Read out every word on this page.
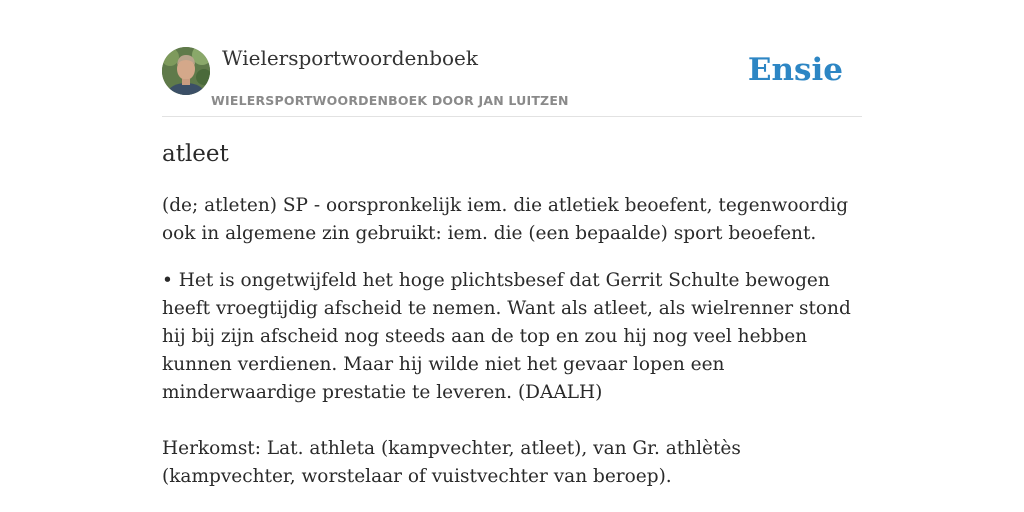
Wielersportwoordenboek
WIELERSPORTWOORDENBOEK DOOR JAN LUITZEN
Ensie
atleet

(de; atleten) SP - oorspronkelijk iem. die atletiek beoefent, tegenwoordig ook in algemene zin gebruikt: iem. die (een bepaalde) sport beoefent.

• Het is ongetwijfeld het hoge plichtsbesef dat Gerrit Schulte bewogen heeft vroegtijdig afscheid te nemen. Want als atleet, als wielrenner stond hij bij zijn afscheid nog steeds aan de top en zou hij nog veel hebben kunnen verdienen. Maar hij wilde niet het gevaar lopen een minderwaardige prestatie te leveren. (DAALH)

Herkomst: Lat. athleta (kampvechter, atleet), van Gr. athlètès (kampvechter, worstelaar of vuistvechter van beroep).
